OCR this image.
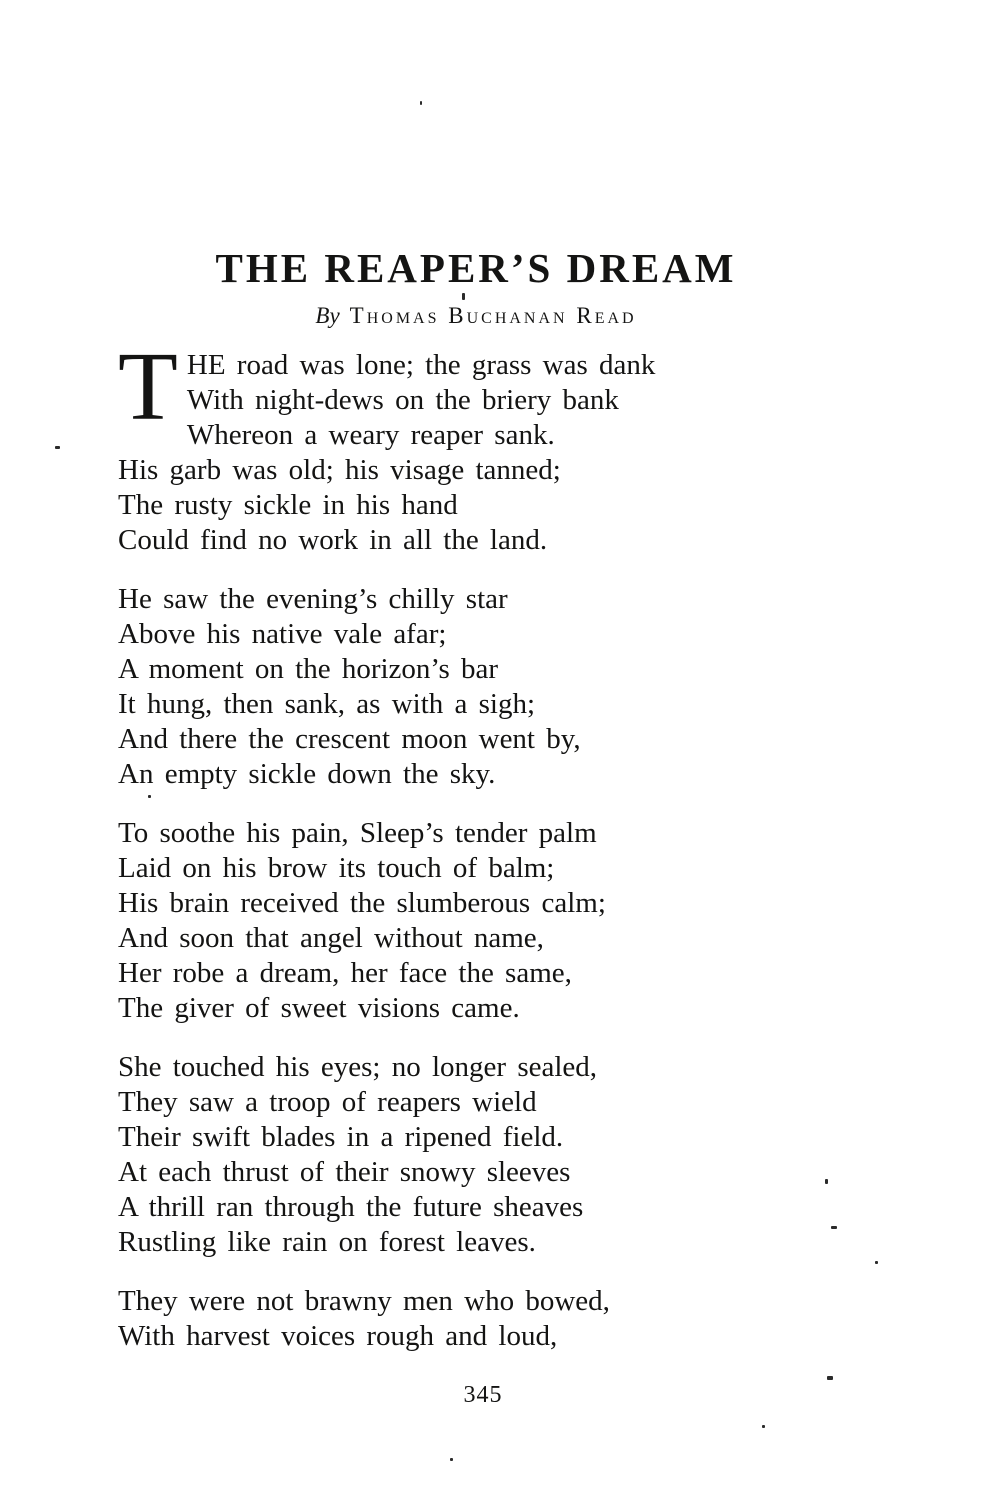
THE REAPER’S DREAM
By Thomas Buchanan Read
T HE road was lone; the grass was dank
With night-dews on the briery bank
Whereon a weary reaper sank.
His garb was old; his visage tanned;
The rusty sickle in his hand
Could find no work in all the land.
He saw the evening’s chilly star
Above his native vale afar;
A moment on the horizon’s bar
It hung, then sank, as with a sigh;
And there the crescent moon went by,
An empty sickle down the sky.
To soothe his pain, Sleep’s tender palm
Laid on his brow its touch of balm;
His brain received the slumberous calm;
And soon that angel without name,
Her robe a dream, her face the same,
The giver of sweet visions came.
She touched his eyes; no longer sealed,
They saw a troop of reapers wield
Their swift blades in a ripened field.
At each thrust of their snowy sleeves
A thrill ran through the future sheaves
Rustling like rain on forest leaves.
They were not brawny men who bowed,
With harvest voices rough and loud,
345
